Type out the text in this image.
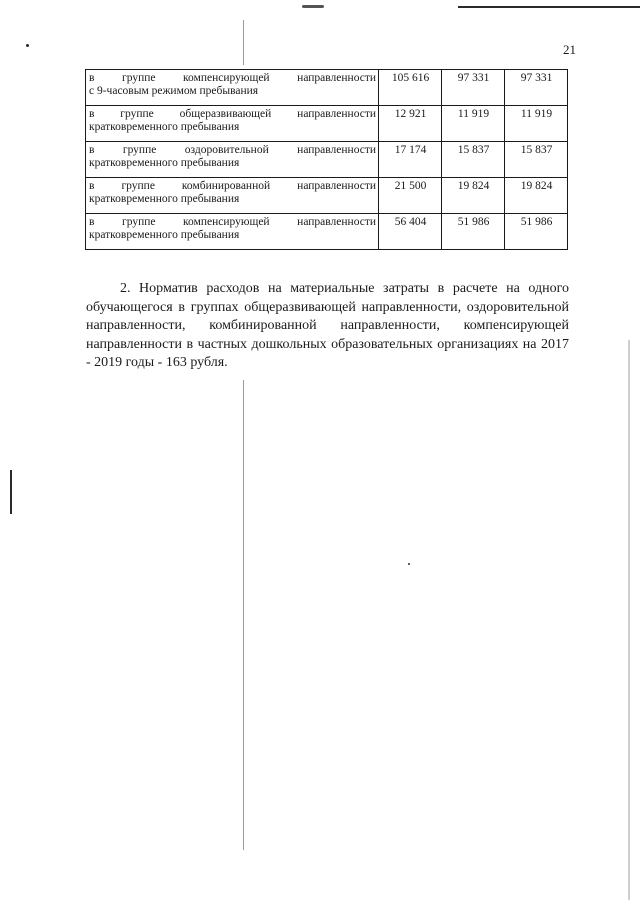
21
в группе компенсирующей направленности
с 9-часовым режимом пребывания	105 616	97 331	97 331

в группе общеразвивающей направленности
кратковременного пребывания	12 921	11 919	11 919

в группе оздоровительной направленности
кратковременного пребывания	17 174	15 837	15 837

в группе комбинированной направленности
кратковременного пребывания	21 500	19 824	19 824

в группе компенсирующей направленности
кратковременного пребывания	56 404	51 986	51 986

2. Норматив расходов на материальные затраты в расчете на одного обучающегося в группах общеразвивающей направленности, оздоровительной направленности, комбинированной направленности, компенсирующей направленности в частных дошкольных образовательных организациях на 2017 - 2019 годы - 163 рубля.
